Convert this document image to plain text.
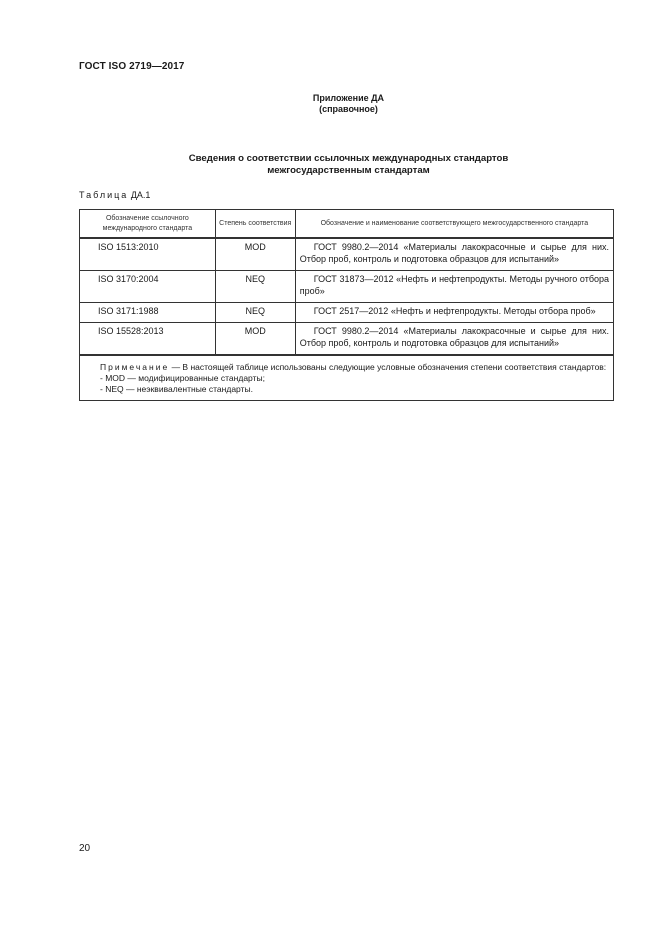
ГОСТ ISO 2719—2017
Приложение ДА
(справочное)
Сведения о соответствии ссылочных международных стандартов
межгосударственным стандартам
Таблица ДА.1
Обозначение ссылочного международного стандарта	Степень соответствия	Обозначение и наименование соответствующего межгосударственного стандарта
ISO 1513:2010	MOD	ГОСТ 9980.2—2014 «Материалы лакокрасочные и сырье для них. Отбор проб, контроль и подготовка образцов для испытаний»
ISO 3170:2004	NEQ	ГОСТ 31873—2012 «Нефть и нефтепродукты. Методы ручного отбора проб»
ISO 3171:1988	NEQ	ГОСТ 2517—2012 «Нефть и нефтепродукты. Методы отбора проб»
ISO 15528:2013	MOD	ГОСТ 9980.2—2014 «Материалы лакокрасочные и сырье для них. Отбор проб, контроль и подготовка образцов для испытаний»

Примечание — В настоящей таблице использованы следующие условные обозначения степени соответствия стандартов:
- MOD — модифицированные стандарты;
- NEQ — неэквивалентные стандарты.		
20
